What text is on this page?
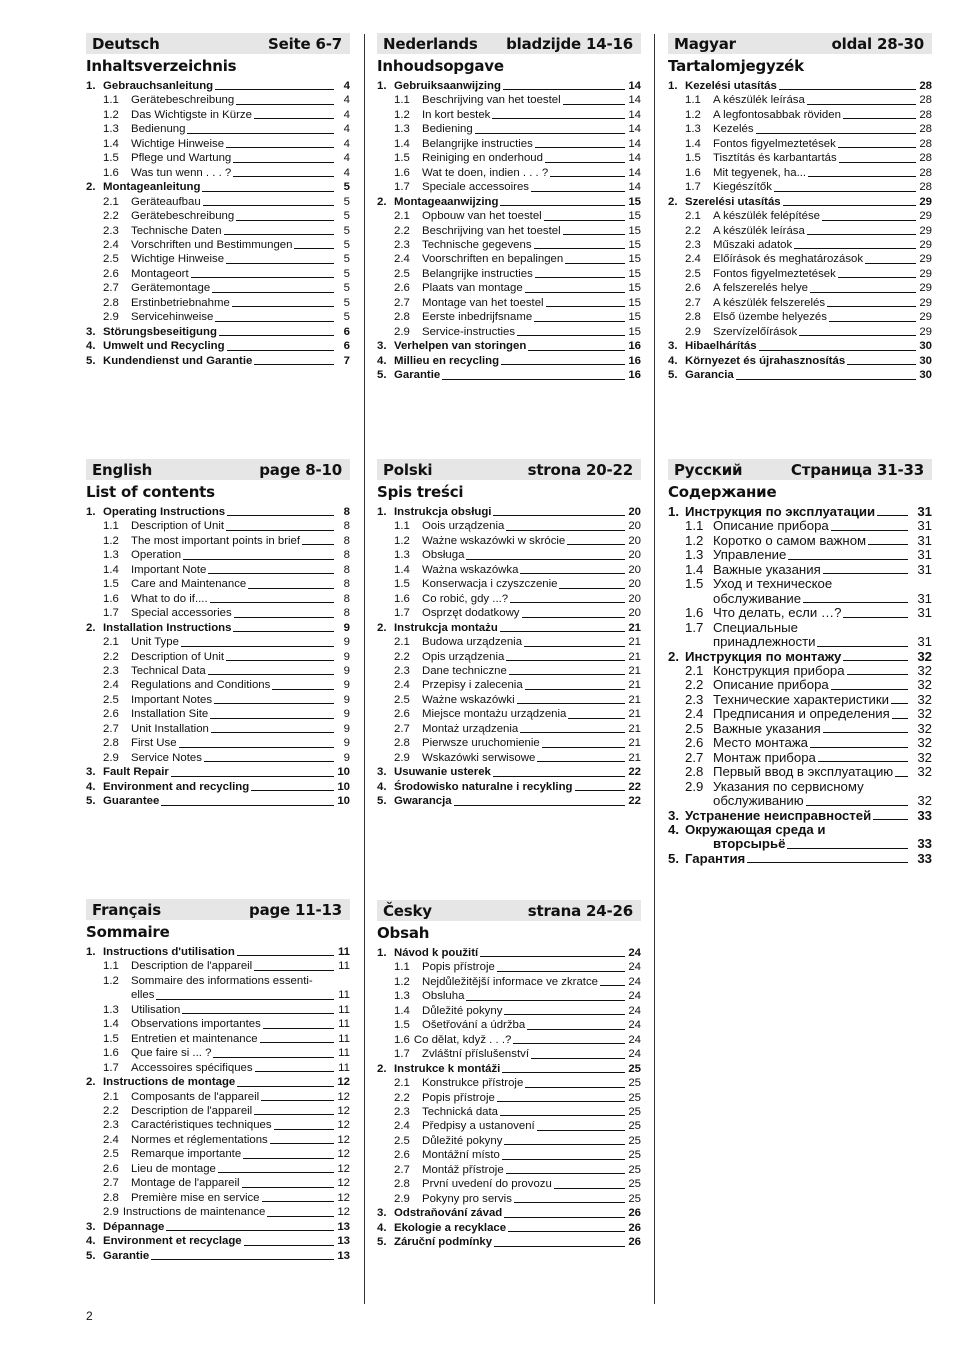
Deutsch	Seite 6-7
Inhaltsverzeichnis
1. Gebrauchsanleitung	4
1.1	Gerätebeschreibung	4
1.2	Das Wichtigste in Kürze	4
1.3	Bedienung	4
1.4	Wichtige Hinweise	4
1.5	Pflege und Wartung	4
1.6	Was tun wenn . . . ?	4
2. Montageanleitung	5
2.1	Geräteaufbau	5
2.2	Gerätebeschreibung	5
2.3	Technische Daten	5
2.4	Vorschriften und Bestimmungen	5
2.5	Wichtige Hinweise	5
2.6	Montageort	5
2.7	Gerätemontage	5
2.8	Erstinbetriebnahme	5
2.9	Servicehinweise	5
3. Störungsbeseitigung	6
4. Umwelt und Recycling	6
5. Kundendienst und Garantie	7
Nederlands bladzijde 14-16
Inhoudsopgave
1. Gebruiksaanwijzing	14
1.1	Beschrijving van het toestel	14
1.2	In kort bestek	14
1.3	Bediening	14
1.4	Belangrijke instructies	14
1.5	Reiniging en onderhoud	14
1.6	Wat te doen, indien . . . ?	14
1.7	Speciale accessoires	14
2. Montageaanwijzing	15
2.1	Opbouw van het toestel	15
2.2	Beschrijving van het toestel	15
2.3	Technische gegevens	15
2.4	Voorschriften en bepalingen	15
2.5	Belangrijke instructies	15
2.6	Plaats van montage	15
2.7	Montage van het toestel	15
2.8	Eerste inbedrijfsname	15
2.9	Service-instructies	15
3. Verhelpen van storingen	16
4. Millieu en recycling	16
5. Garantie	16
Magyar	oldal 28-30
Tartalomjegyzék
1. Kezelési utasítás	28
1.1	A készülék leírása	28
1.2	A legfontosabbak röviden	28
1.3	Kezelés	28
1.4	Fontos figyelmeztetések	28
1.5	Tisztítás és karbantartás	28
1.6	Mit tegyenek, ha...	28
1.7	Kiegészítők	28
2. Szerelési utasítás	29
2.1	A készülék felépítése	29
2.2	A készülék leírása	29
2.3	Műszaki adatok	29
2.4	Előírások és meghatározások	29
2.5	Fontos figyelmeztetések	29
2.6	A felszerelés helye	29
2.7	A készülék felszerelés	29
2.8	Első üzembe helyezés	29
2.9	Szervízelőírások	29
3. Hibaelhárítás	30
4. Környezet és újrahasznosítás	30
5. Garancia	30
English	page 8-10
List of contents
1. Operating Instructions	8
1.1	Description of Unit	8
1.2	The most important points in brief	8
1.3	Operation	8
1.4	Important Note	8
1.5	Care and Maintenance	8
1.6	What to do if....	8
1.7	Special accessories	8
2. Installation Instructions	9
2.1	Unit Type	9
2.2	Description of Unit	9
2.3	Technical Data	9
2.4	Regulations and Conditions	9
2.5	Important Notes	9
2.6	Installation Site	9
2.7	Unit Installation	9
2.8	First Use	9
2.9	Service Notes	9
3. Fault Repair	10
4. Environment and recycling	10
5. Guarantee	10
Polski	strona 20-22
Spis treści
1. Instrukcja obsługi	20
1.1	Oois urządzenia	20
1.2	Ważne wskazówki w skrócie	20
1.3	Obsługa	20
1.4	Ważna wskazówka	20
1.5	Konserwacja i czyszczenie	20
1.6	Co robić, gdy ...?	20
1.7	Osprzęt dodatkowy	20
2. Instrukcja montażu	21
2.1	Budowa urządzenia	21
2.2	Opis urządzenia	21
2.3	Dane techniczne	21
2.4	Przepisy i zalecenia	21
2.5	Ważne wskazówki	21
2.6	Miejsce montażu urządzenia	21
2.7	Montaż urządzenia	21
2.8	Pierwsze uruchomienie	21
2.9	Wskazówki serwisowe	21
3. Usuwanie usterek	22
4. Środowisko naturalne i recykling	22
5. Gwarancja	22
Русский	Страница 31-33
Содержание
1. Инструкция по эксплуатации	31
1.1 Описание прибора	31
1.2 Коротко о самом важном	31
1.3 Управление	31
1.4 Важные указания	31
1.5 Уход и техническое
обслуживание	31
1.6 Что делать, если …?	31
1.7 Специальные
принадлежности	31
2. Инструкция по монтажу	32
2.1 Конструкция прибора	32
2.2 Описание прибора	32
2.3 Технические характеристики	32
2.4 Предписания и определения	32
2.5 Важные указания	32
2.6 Место монтажа	32
2.7 Монтаж прибора	32
2.8 Первый ввод в эксплуатацию	32
2.9 Указания по сервисному
обслуживанию	32
3. Устранение неисправностей	33
4. Окружающая среда и
вторсырьё	33
5. Гарантия	33
Français	page 11-13
Sommaire
1. Instructions d'utilisation	11
1.1	Description de l'appareil	11
1.2	Sommaire des informations essenti-
elles	11
1.3	Utilisation	11
1.4	Observations importantes	11
1.5	Entretien et maintenance	11
1.6	Que faire si ... ?	11
1.7	Accessoires spécifiques	11
2. Instructions de montage	12
2.1	Composants de l'appareil	12
2.2	Description de l'appareil	12
2.3	Caractéristiques techniques	12
2.4	Normes et réglementations	12
2.5	Remarque importante	12
2.6	Lieu de montage	12
2.7	Montage de l'appareil	12
2.8	Première mise en service	12
2.9 Instructions de maintenance	12
3. Dépannage	13
4. Environment et recyclage	13
5. Garantie	13
Česky	strana 24-26
Obsah
1. Návod k použití	24
1.1	Popis přístroje	24
1.2	Nejdůležitější informace ve zkratce	24
1.3	Obsluha	24
1.4	Důležité pokyny	24
1.5	Ošetřování a údržba	24
1.6 Co dělat, když . . .?	24
1.7	Zvláštní příslušenství	24
2. Instrukce k montáži	25
2.1	Konstrukce přístroje	25
2.2	Popis přístroje	25
2.3	Technická data	25
2.4	Předpisy a ustanovení	25
2.5	Důležité pokyny	25
2.6	Montážní místo	25
2.7	Montáž přístroje	25
2.8	První uvedení do provozu	25
2.9	Pokyny pro servis	25
3. Odstraňování závad	26
4. Ekologie a recyklace	26
5. Záruční podmínky	26
2
